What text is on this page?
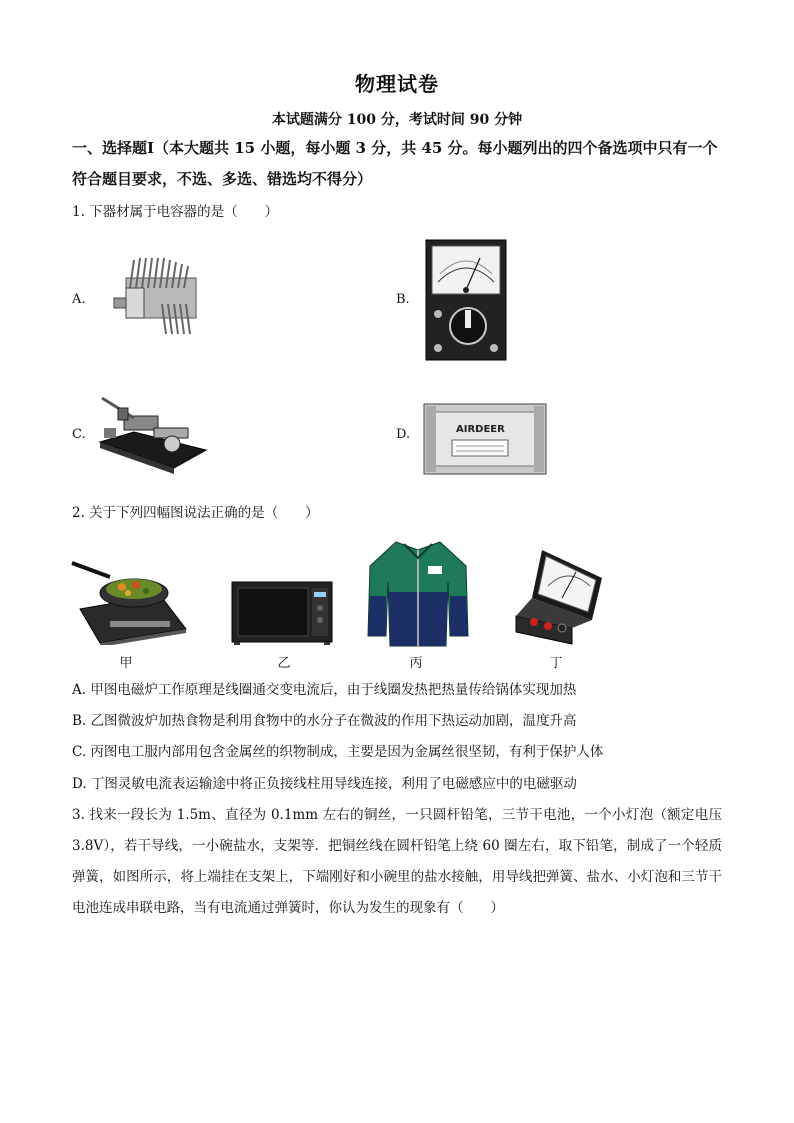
物理试卷
本试题满分 100 分，考试时间 90 分钟
一、选择题Ⅰ（本大题共 15 小题，每小题 3 分，共 45 分。每小题列出的四个备选项中只有一个符合题目要求，不选、多选、错选均不得分）
1. 下器材属于电容器的是（　　）
A.	B.
C.	D.	AIRDEER
2. 关于下列四幅图说法正确的是（　　）
甲	乙	丙	丁
A. 甲图电磁炉工作原理是线圈通交变电流后，由于线圈发热把热量传给锅体实现加热
B. 乙图微波炉加热食物是利用食物中的水分子在微波的作用下热运动加剧，温度升高
C. 丙图电工服内部用包含金属丝的织物制成，主要是因为金属丝很坚韧，有利于保护人体
D. 丁图灵敏电流表运输途中将正负接线柱用导线连接，利用了电磁感应中的电磁驱动
3. 找来一段长为 1.5m、直径为 0.1mm 左右的铜丝，一只圆杆铅笔，三节干电池，一个小灯泡（额定电压 3.8V），若干导线，一小碗盐水，支架等．把铜丝线在圆杆铅笔上绕 60 圈左右，取下铅笔，制成了一个轻质弹簧，如图所示，将上端挂在支架上，下端刚好和小碗里的盐水接触，用导线把弹簧、盐水、小灯泡和三节干电池连成串联电路，当有电流通过弹簧时，你认为发生的现象有（　　）
